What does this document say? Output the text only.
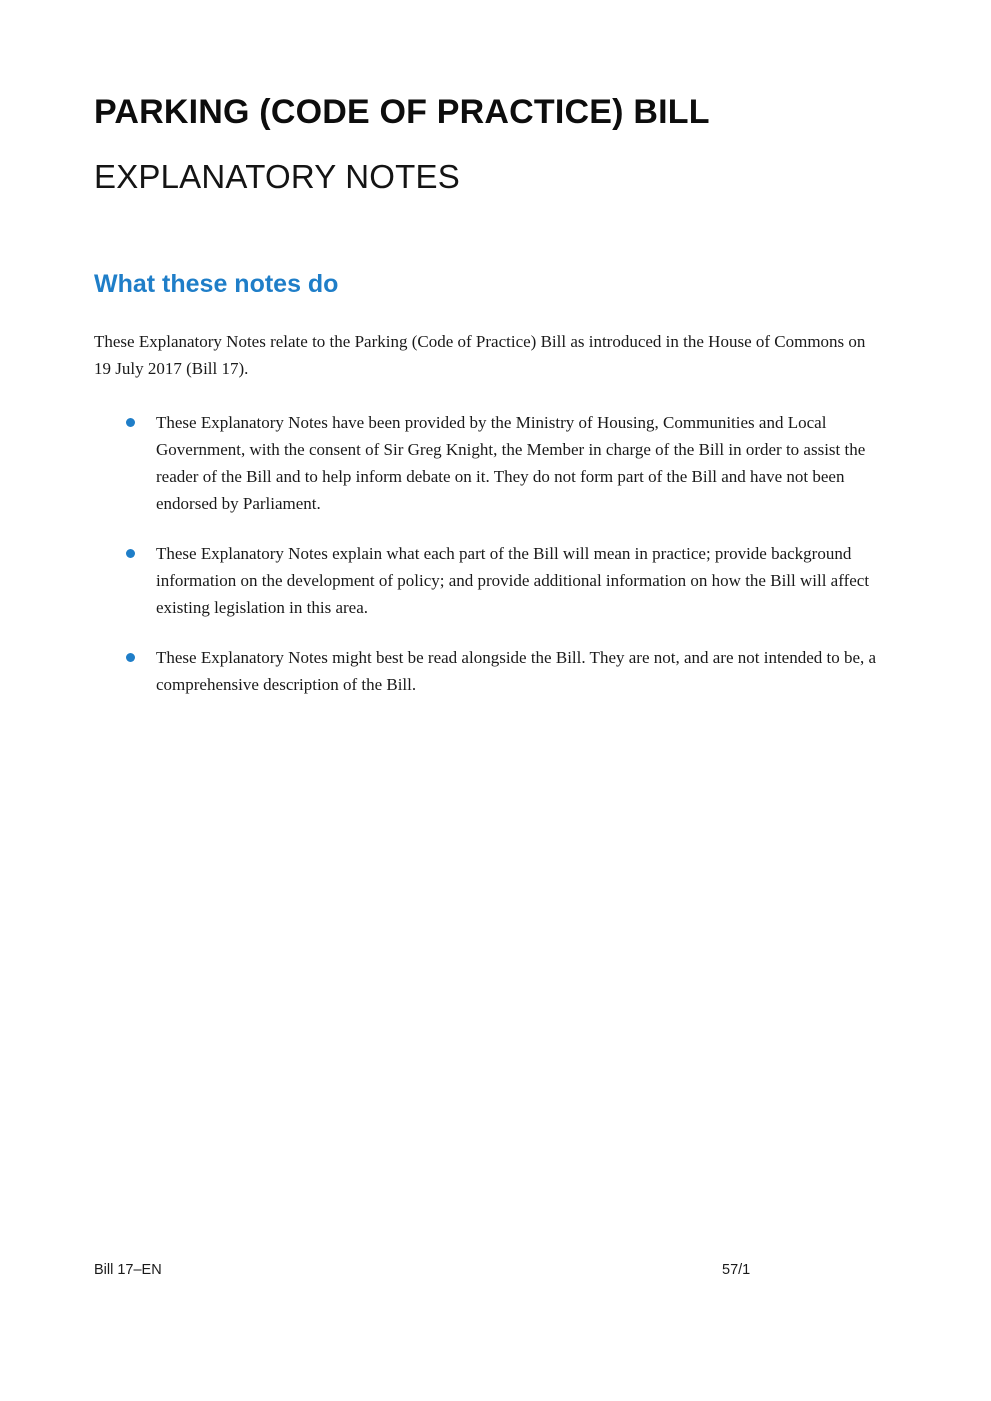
PARKING (CODE OF PRACTICE) BILL
EXPLANATORY NOTES
What these notes do

These Explanatory Notes relate to the Parking (Code of Practice) Bill as introduced in the House of Commons on 19 July 2017 (Bill 17).

These Explanatory Notes have been provided by the Ministry of Housing, Communities and Local Government, with the consent of Sir Greg Knight, the Member in charge of the Bill in order to assist the reader of the Bill and to help inform debate on it. They do not form part of the Bill and have not been endorsed by Parliament.
These Explanatory Notes explain what each part of the Bill will mean in practice; provide background information on the development of policy; and provide additional information on how the Bill will affect existing legislation in this area.
These Explanatory Notes might best be read alongside the Bill. They are not, and are not intended to be, a comprehensive description of the Bill.
Bill 17–EN	57/1
